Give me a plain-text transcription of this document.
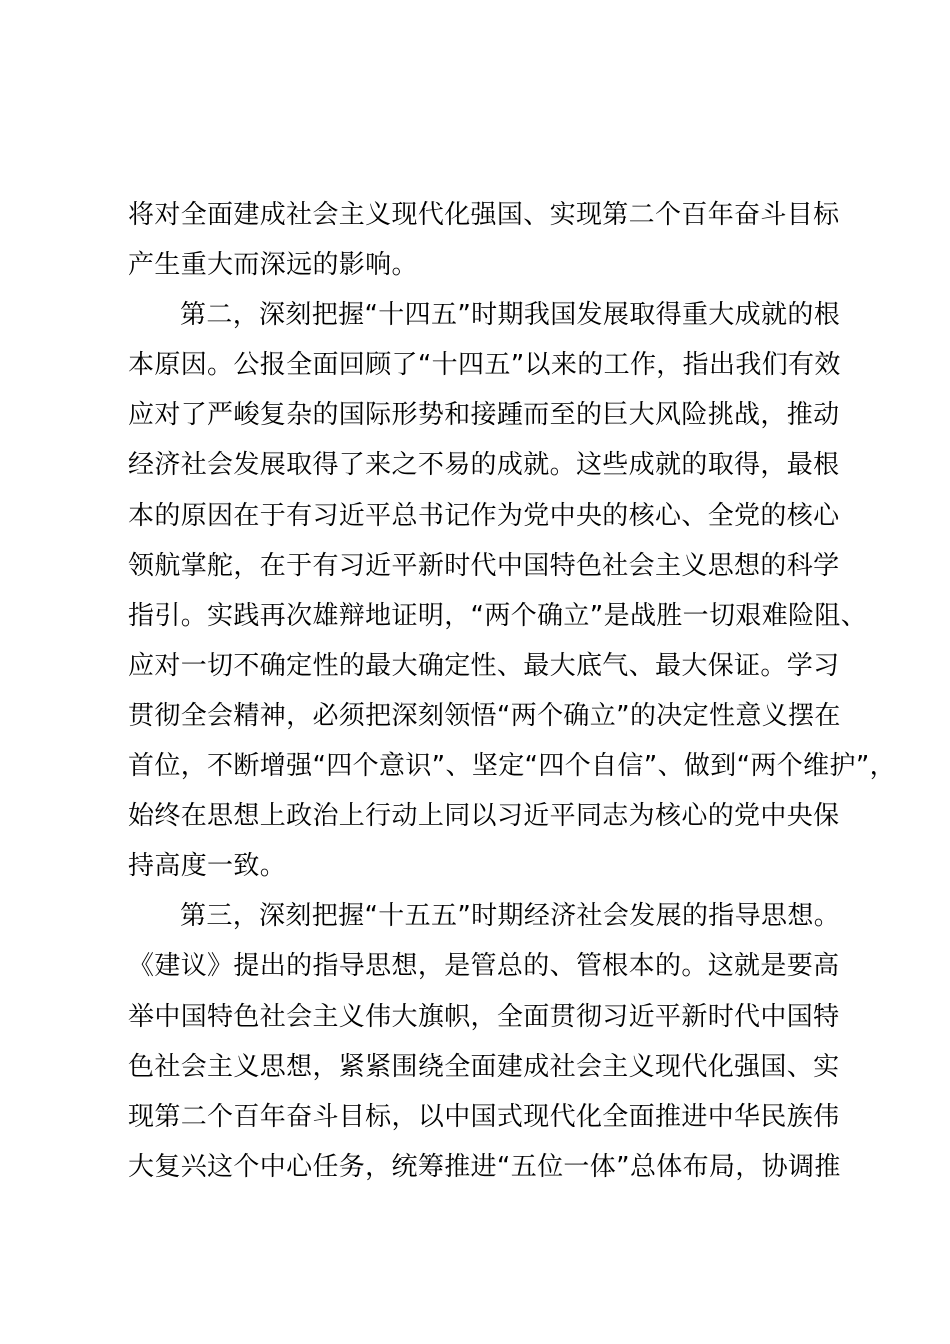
将对全面建成社会主义现代化强国、实现第二个百年奋斗目标
产生重大而深远的影响。
第二，深刻把握“十四五”时期我国发展取得重大成就的根
本原因。公报全面回顾了“十四五”以来的工作，指出我们有效
应对了严峻复杂的国际形势和接踵而至的巨大风险挑战，推动
经济社会发展取得了来之不易的成就。这些成就的取得，最根
本的原因在于有习近平总书记作为党中央的核心、全党的核心
领航掌舵，在于有习近平新时代中国特色社会主义思想的科学
指引。实践再次雄辩地证明，“两个确立”是战胜一切艰难险阻、
应对一切不确定性的最大确定性、最大底气、最大保证。学习
贯彻全会精神，必须把深刻领悟“两个确立”的决定性意义摆在
首位，不断增强“四个意识”、坚定“四个自信”、做到“两个维护”，
始终在思想上政治上行动上同以习近平同志为核心的党中央保
持高度一致。
第三，深刻把握“十五五”时期经济社会发展的指导思想。
《建议》提出的指导思想，是管总的、管根本的。这就是要高
举中国特色社会主义伟大旗帜，全面贯彻习近平新时代中国特
色社会主义思想，紧紧围绕全面建成社会主义现代化强国、实
现第二个百年奋斗目标，以中国式现代化全面推进中华民族伟
大复兴这个中心任务，统筹推进“五位一体”总体布局，协调推
